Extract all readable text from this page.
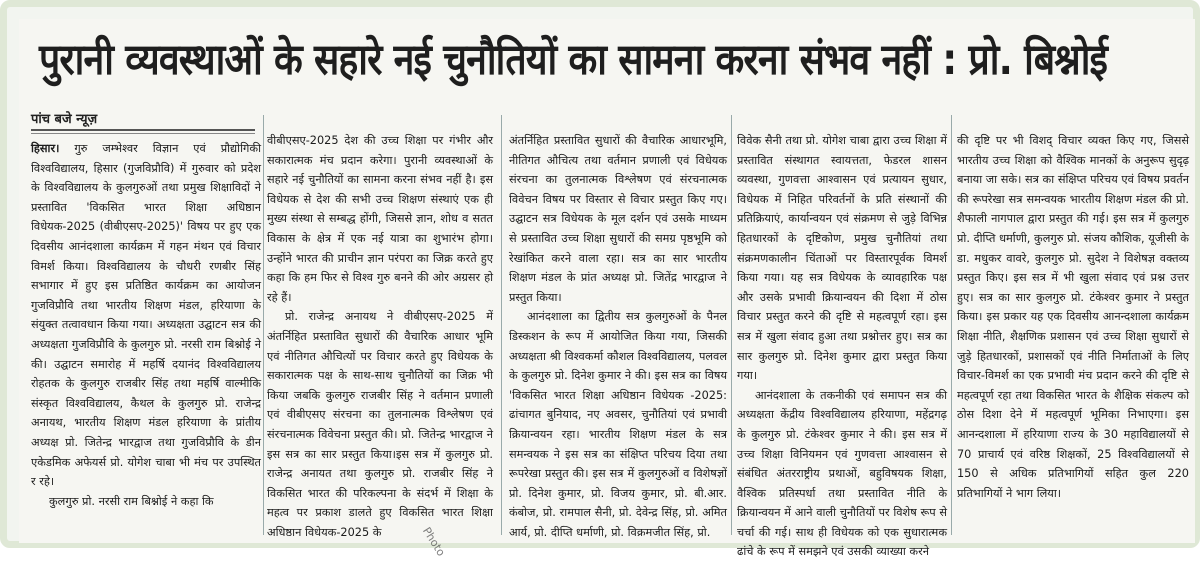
पुरानी व्यवस्थाओं के सहारे नई चुनौतियों का सामना करना संभव नहीं : प्रो. बिश्नोई
पांच बजे न्यूज़

हिसार। गुरु जम्भेश्वर विज्ञान एवं प्रौद्योगिकी विश्वविद्यालय, हिसार (गुजविप्रौवि) में गुरुवार को प्रदेश के विश्वविद्यालय के कुलगुरुओं तथा प्रमुख शिक्षाविदों ने प्रस्तावित 'विकसित भारत शिक्षा अधिष्ठान विधेयक-2025 (वीबीएसए-2025)' विषय पर हुए एक दिवसीय आनंदशाला कार्यक्रम में गहन मंथन एवं विचार विमर्श किया। विश्वविद्यालय के चौधरी रणबीर सिंह सभागार में हुए इस प्रतिष्ठित कार्यक्रम का आयोजन गुजविप्रौवि तथा भारतीय शिक्षण मंडल, हरियाणा के संयुक्त तत्वावधान किया गया। अध्यक्षता उद्घाटन सत्र की अध्यक्षता गुजविप्रौवि के कुलगुरु प्रो. नरसी राम बिश्नोई ने की। उद्घाटन समारोह में महर्षि दयानंद विश्वविद्यालय रोहतक के कुलगुरु राजबीर सिंह तथा महर्षि वाल्मीकि संस्कृत विश्वविद्यालय, कैथल के कुलगुरु प्रो. राजेन्द्र अनायथ, भारतीय शिक्षण मंडल हरियाणा के प्रांतीय अध्यक्ष प्रो. जितेन्द्र भारद्वाज तथा गुजविप्रौवि के डीन एकेडमिक अफेयर्स प्रो. योगेश चाबा भी मंच पर उपस्थित र रहे।

कुलगुरु प्रो. नरसी राम बिश्नोई ने कहा कि

वीबीएसए-2025 देश की उच्च शिक्षा पर गंभीर और सकारात्मक मंच प्रदान करेगा। पुरानी व्यवस्थाओं के सहारे नई चुनौतियों का सामना करना संभव नहीं है। इस विधेयक से देश की सभी उच्च शिक्षण संस्थाएं एक ही मुख्य संस्था से सम्बद्ध होंगी, जिससे ज्ञान, शोध व सतत विकास के क्षेत्र में एक नई यात्रा का शुभारंभ होगा। उन्होंने भारत की प्राचीन ज्ञान परंपरा का जिक्र करते हुए कहा कि हम फिर से विश्व गुरु बनने की ओर अग्रसर हो रहे हैं।

प्रो. राजेन्द्र अनायथ ने वीबीएसए-2025 में अंतर्निहित प्रस्तावित सुधारों की वैचारिक आधार भूमि एवं नीतिगत औचित्यों पर विचार करते हुए विधेयक के सकारात्मक पक्ष के साथ-साथ चुनौतियों का जिक्र भी किया जबकि कुलगुरु राजबीर सिंह ने वर्तमान प्रणाली एवं वीबीएसए संरचना का तुलनात्मक विश्लेषण एवं संरचनात्मक विवेचना प्रस्तुत की। प्रो. जितेन्द्र भारद्वाज ने इस सत्र का सार प्रस्तुत किया।इस सत्र में कुलगुरु प्रो. राजेन्द्र अनायत तथा कुलगुरु प्रो. राजबीर सिंह ने विकसित भारत की परिकल्पना के संदर्भ में शिक्षा के महत्व पर प्रकाश डालते हुए विकसित भारत शिक्षा अधिष्ठान विधेयक-2025 के

अंतर्निहित प्रस्तावित सुधारों की वैचारिक आधारभूमि, नीतिगत औचित्य तथा वर्तमान प्रणाली एवं विधेयक संरचना का तुलनात्मक विश्लेषण एवं संरचनात्मक विवेचन विषय पर विस्तार से विचार प्रस्तुत किए गए। उद्घाटन सत्र विधेयक के मूल दर्शन एवं उसके माध्यम से प्रस्तावित उच्च शिक्षा सुधारों की समग्र पृष्ठभूमि को रेखांकित करने वाला रहा। सत्र का सार भारतीय शिक्षण मंडल के प्रांत अध्यक्ष प्रो. जितेंद्र भारद्वाज ने प्रस्तुत किया।

आनंदशाला का द्वितीय सत्र कुलगुरुओं के पैनल डिस्कशन के रूप में आयोजित किया गया, जिसकी अध्यक्षता श्री विश्वकर्मा कौशल विश्वविद्यालय, पलवल के कुलगुरु प्रो. दिनेश कुमार ने की। इस सत्र का विषय 'विकसित भारत शिक्षा अधिष्ठान विधेयक -2025: ढांचागत बुनियाद, नए अवसर, चुनौतियां एवं प्रभावी क्रियान्वयन रहा। भारतीय शिक्षण मंडल के सत्र समन्वयक ने इस सत्र का संक्षिप्त परिचय दिया तथा रूपरेखा प्रस्तुत की। इस सत्र में कुलगुरुओं व विशेषज्ञों प्रो. दिनेश कुमार, प्रो. विजय कुमार, प्रो. बी.आर. कंबोज, प्रो. रामपाल सैनी, प्रो. देवेन्द्र सिंह, प्रो. अमित आर्य, प्रो. दीप्ति धर्माणी, प्रो. विक्रमजीत सिंह, प्रो.

विवेक सैनी तथा प्रो. योगेश चाबा द्वारा उच्च शिक्षा में प्रस्तावित संस्थागत स्वायत्तता, फेडरल शासन व्यवस्था, गुणवत्ता आश्वासन एवं प्रत्यायन सुधार, विधेयक में निहित परिवर्तनों के प्रति संस्थानों की प्रतिक्रियाएं, कार्यान्वयन एवं संक्रमण से जुड़े विभिन्न हितधारकों के दृष्टिकोण, प्रमुख चुनौतियां तथा संक्रमणकालीन चिंताओं पर विस्तारपूर्वक विमर्श किया गया। यह सत्र विधेयक के व्यावहारिक पक्ष और उसके प्रभावी क्रियान्वयन की दिशा में ठोस विचार प्रस्तुत करने की दृष्टि से महत्वपूर्ण रहा। इस सत्र में खुला संवाद हुआ तथा प्रश्नोत्तर हुए। सत्र का सार कुलगुरु प्रो. दिनेश कुमार द्वारा प्रस्तुत किया गया।

आनंदशाला के तकनीकी एवं समापन सत्र की अध्यक्षता केंद्रीय विश्वविद्यालय हरियाणा, महेंद्रगढ़ के कुलगुरु प्रो. टंकेश्वर कुमार ने की। इस सत्र में उच्च शिक्षा विनियमन एवं गुणवत्ता आश्वासन से संबंधित अंतरराष्ट्रीय प्रथाओं, बहुविषयक शिक्षा, वैश्विक प्रतिस्पर्धा तथा प्रस्तावित नीति के क्रियान्वयन में आने वाली चुनौतियों पर विशेष रूप से चर्चा की गई। साथ ही विधेयक को एक सुधारात्मक ढांचे के रूप में समझने एवं उसकी व्याख्या करने

की दृष्टि पर भी विशद् विचार व्यक्त किए गए, जिससे भारतीय उच्च शिक्षा को वैश्विक मानकों के अनुरूप सुदृढ़ बनाया जा सके। सत्र का संक्षिप्त परिचय एवं विषय प्रवर्तन की रूपरेखा सत्र समन्वयक भारतीय शिक्षण मंडल की प्रो. शैफाली नागपाल द्वारा प्रस्तुत की गई। इस सत्र में कुलगुरु प्रो. दीप्ति धर्माणी, कुलगुरु प्रो. संजय कौशिक, यूजीसी के डा. मधुकर वावरे, कुलगुरु प्रो. सुदेश ने विशेषज्ञ वक्तव्य प्रस्तुत किए। इस सत्र में भी खुला संवाद एवं प्रश्न उत्तर हुए। सत्र का सार कुलगुरु प्रो. टंकेश्वर कुमार ने प्रस्तुत किया। इस प्रकार यह एक दिवसीय आनन्दशाला कार्यक्रम शिक्षा नीति, शैक्षणिक प्रशासन एवं उच्च शिक्षा सुधारों से जुड़े हितधारकों, प्रशासकों एवं नीति निर्माताओं के लिए विचार-विमर्श का एक प्रभावी मंच प्रदान करने की दृष्टि से महत्वपूर्ण रहा तथा विकसित भारत के शैक्षिक संकल्प को ठोस दिशा देने में महत्वपूर्ण भूमिका निभाएगा। इस आनन्दशाला में हरियाणा राज्य के 30 महाविद्यालयों से 70 प्राचार्य एवं वरिष्ठ शिक्षकों, 25 विश्वविद्यालयों से 150 से अधिक प्रतिभागियों सहित कुल 220 प्रतिभागियों ने भाग लिया।

Photo
